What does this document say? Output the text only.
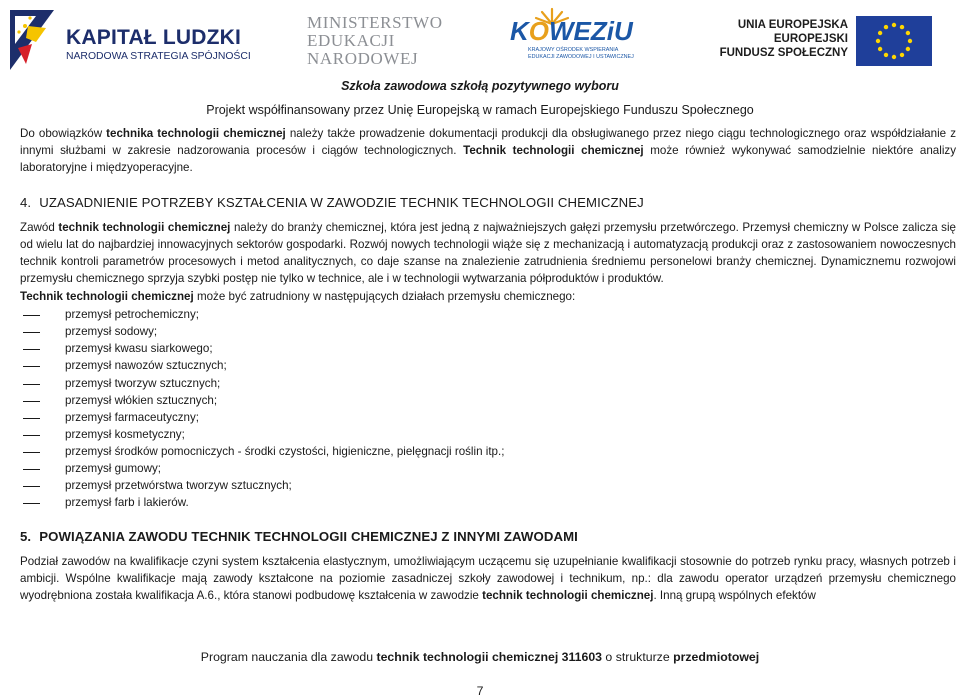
KAPITAŁ LUDZKI
NARODOWA STRATEGIA SPÓJNOŚCI
MINISTERSTWO
EDUKACJI
NARODOWEJ
KOWEZiU
KRAJOWY OŚRODEK WSPIERANIA
EDUKACJI ZAWODOWEJ I USTAWICZNEJ
UNIA EUROPEJSKA
EUROPEJSKI
FUNDUSZ SPOŁECZNY
Szkoła zawodowa szkołą pozytywnego wyboru
Projekt współfinansowany przez Unię Europejską w ramach Europejskiego Funduszu Społecznego

Do obowiązków technika technologii chemicznej należy także prowadzenie dokumentacji produkcji dla obsługiwanego przez niego ciągu technologicznego oraz współdziałanie z innymi służbami w zakresie nadzorowania procesów i ciągów technologicznych. Technik technologii chemicznej może również wykonywać samodzielnie niektóre analizy laboratoryjne i międzyoperacyjne.

4. UZASADNIENIE POTRZEBY KSZTAŁCENIA W ZAWODZIE TECHNIK TECHNOLOGII CHEMICZNEJ

Zawód technik technologii chemicznej należy do branży chemicznej, która jest jedną z najważniejszych gałęzi przemysłu przetwórczego. Przemysł chemiczny w Polsce zalicza się od wielu lat do najbardziej innowacyjnych sektorów gospodarki. Rozwój nowych technologii wiąże się z mechanizacją i automatyzacją produkcji oraz z zastosowaniem nowoczesnych technik kontroli parametrów procesowych i metod analitycznych, co daje szanse na znalezienie zatrudnienia średniemu personelowi branży chemicznej. Dynamicznemu rozwojowi przemysłu chemicznego sprzyja szybki postęp nie tylko w technice, ale i w technologii wytwarzania półproduktów i produktów.

Technik technologii chemicznej może być zatrudniony w następujących działach przemysłu chemicznego:

przemysł petrochemiczny;
przemysł sodowy;
przemysł kwasu siarkowego;
przemysł nawozów sztucznych;
przemysł tworzyw sztucznych;
przemysł włókien sztucznych;
przemysł farmaceutyczny;
przemysł kosmetyczny;
przemysł środków pomocniczych - środki czystości, higieniczne, pielęgnacji roślin itp.;
przemysł gumowy;
przemysł przetwórstwa tworzyw sztucznych;
przemysł farb i lakierów.
5. POWIĄZANIA ZAWODU TECHNIK TECHNOLOGII CHEMICZNEJ Z INNYMI ZAWODAMI

Podział zawodów na kwalifikacje czyni system kształcenia elastycznym, umożliwiającym uczącemu się uzupełnianie kwalifikacji stosownie do potrzeb rynku pracy, własnych potrzeb i ambicji. Wspólne kwalifikacje mają zawody kształcone na poziomie zasadniczej szkoły zawodowej i technikum, np.: dla zawodu operator urządzeń przemysłu chemicznego wyodrębniona została kwalifikacja A.6., która stanowi podbudowę kształcenia w zawodzie technik technologii chemicznej. Inną grupą wspólnych efektów

Program nauczania dla zawodu technik technologii chemicznej 311603 o strukturze przedmiotowej
7
